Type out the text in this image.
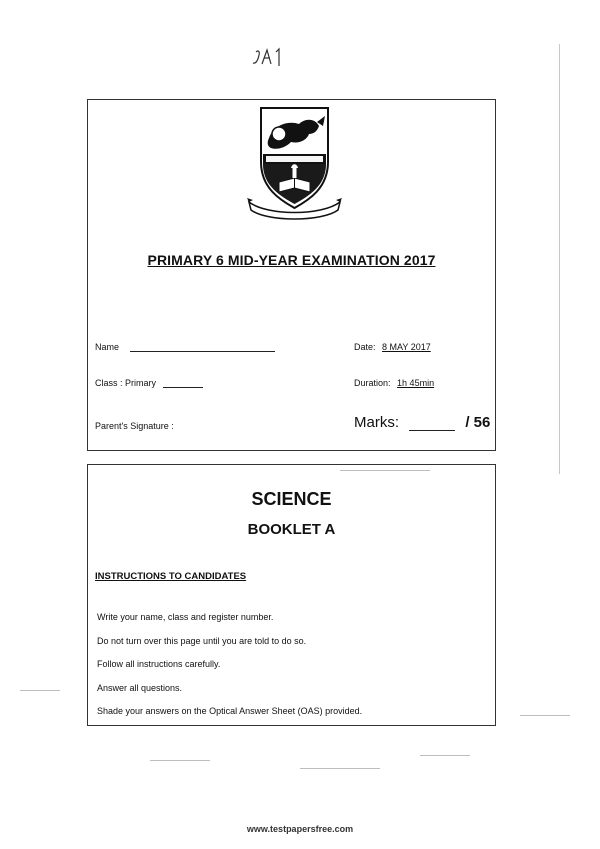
PRIMARY 6 MID-YEAR EXAMINATION 2017
Name
Class : Primary
Parent's Signature :
Date: 8 MAY 2017
Duration: 1h 45min
Marks:	/ 56
SCIENCE
BOOKLET A
INSTRUCTIONS TO CANDIDATES
Write your name, class and register number.
Do not turn over this page until you are told to do so.
Follow all instructions carefully.
Answer all questions.
Shade your answers on the Optical Answer Sheet (OAS) provided.
www.testpapersfree.com
